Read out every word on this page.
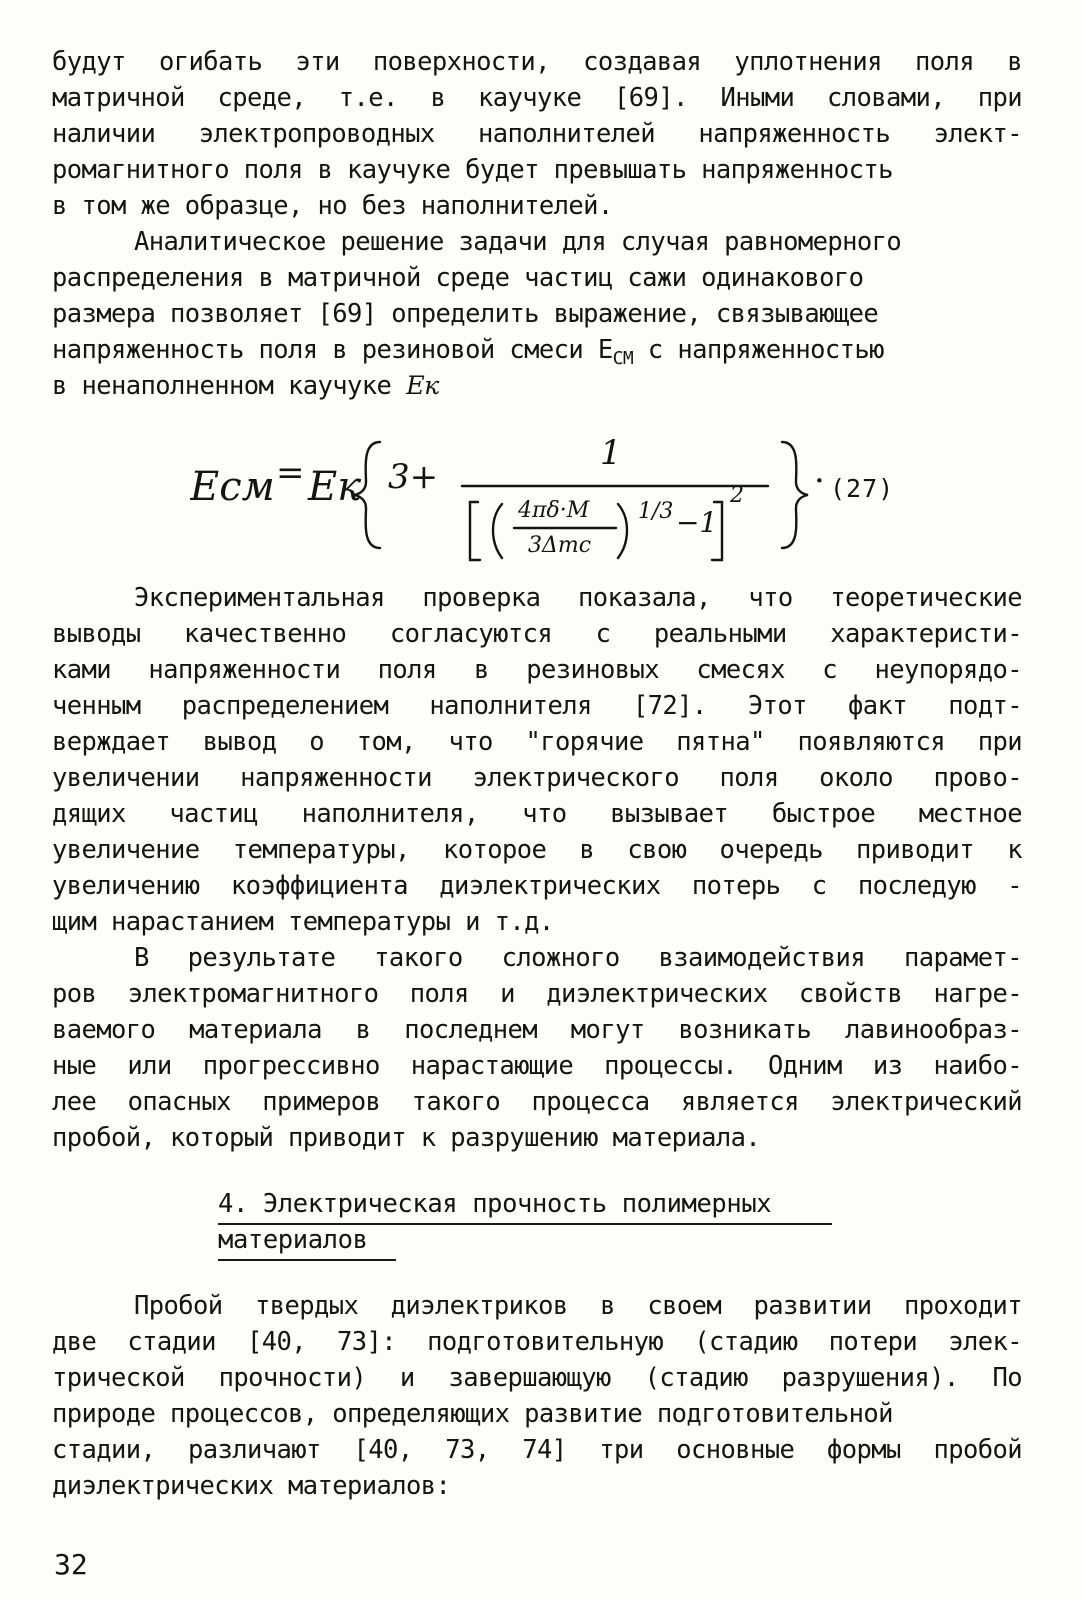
будут огибать эти поверхности, создавая уплотнения поля в
матричной среде, т.е. в каучуке [69]. Иными словами, при
наличии электропроводных наполнителей напряженность элект-
ромагнитного поля в каучуке будет превышать напряженность
в том же образце, но без наполнителей.
Аналитическое решение задачи для случая равномерного
распределения в матричной среде частиц сажи одинакового
размера позволяет [69] определить выражение, связывающее
напряженность поля в резиновой смеси $E_{СМ}$ с напряженностью
в ненаполненном каучуке Eк
Eсм = Eк 3+
1
4πδ·M
3Δmc
1/3 −1
2 · (27)
Экспериментальная проверка показала, что теоретические
выводы качественно согласуются с реальными характеристи-
ками напряженности поля в резиновых смесях с неупорядо-
ченным распределением наполнителя [72]. Этот факт подт-
верждает вывод о том, что "горячие пятна" появляются при
увеличении напряженности электрического поля около прово-
дящих частиц наполнителя, что вызывает быстрое местное
увеличение температуры, которое в свою очередь приводит к
увеличению коэффициента диэлектрических потерь с последую -
щим нарастанием температуры и т.д.
В результате такого сложного взаимодействия парамет-
ров электромагнитного поля и диэлектрических свойств нагре-
ваемого материала в последнем могут возникать лавинообраз-
ные или прогрессивно нарастающие процессы. Одним из наибо-
лее опасных примеров такого процесса является электрический
пробой, который приводит к разрушению материала.
4. Электрическая прочность полимерных
материалов
Пробой твердых диэлектриков в своем развитии проходит
две стадии [40, 73]: подготовительную (стадию потери элек-
трической прочности) и завершающую (стадию разрушения). По
природе процессов, определяющих развитие подготовительной
стадии, различают [40, 73, 74] три основные формы пробой
диэлектрических материалов:
32
